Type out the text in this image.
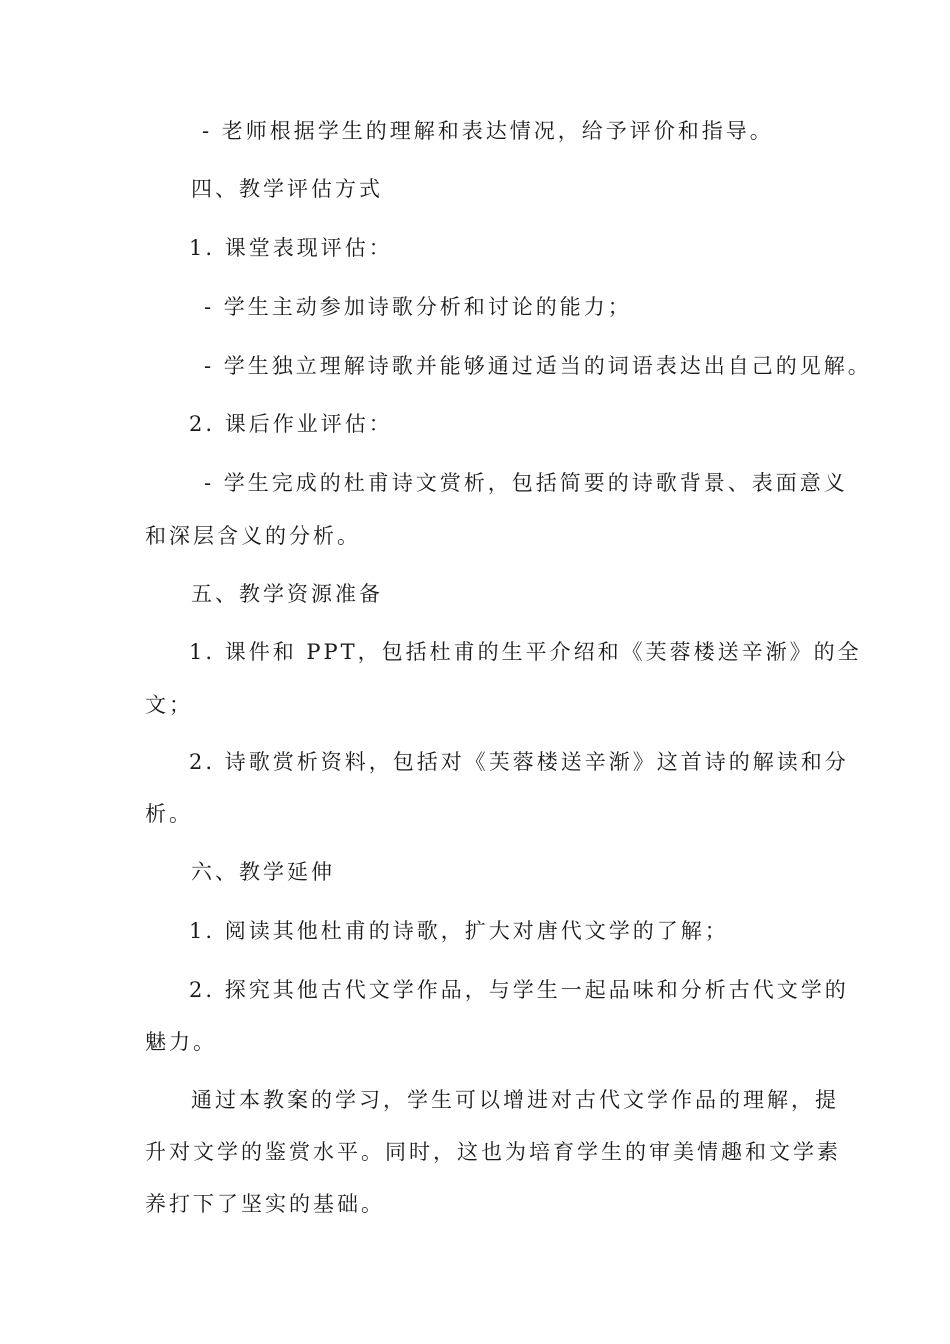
- 老师根据学生的理解和表达情况，给予评价和指导。
四、教学评估方式
1. 课堂表现评估：
- 学生主动参加诗歌分析和讨论的能力；
- 学生独立理解诗歌并能够通过适当的词语表达出自己的见解。
2. 课后作业评估：
- 学生完成的杜甫诗文赏析，包括简要的诗歌背景、表面意义
和深层含义的分析。
五、教学资源准备
1. 课件和 PPT，包括杜甫的生平介绍和《芙蓉楼送辛渐》的全
文；
2. 诗歌赏析资料，包括对《芙蓉楼送辛渐》这首诗的解读和分
析。
六、教学延伸
1. 阅读其他杜甫的诗歌，扩大对唐代文学的了解；
2. 探究其他古代文学作品，与学生一起品味和分析古代文学的
魅力。
通过本教案的学习，学生可以增进对古代文学作品的理解，提
升对文学的鉴赏水平。同时，这也为培育学生的审美情趣和文学素
养打下了坚实的基础。
